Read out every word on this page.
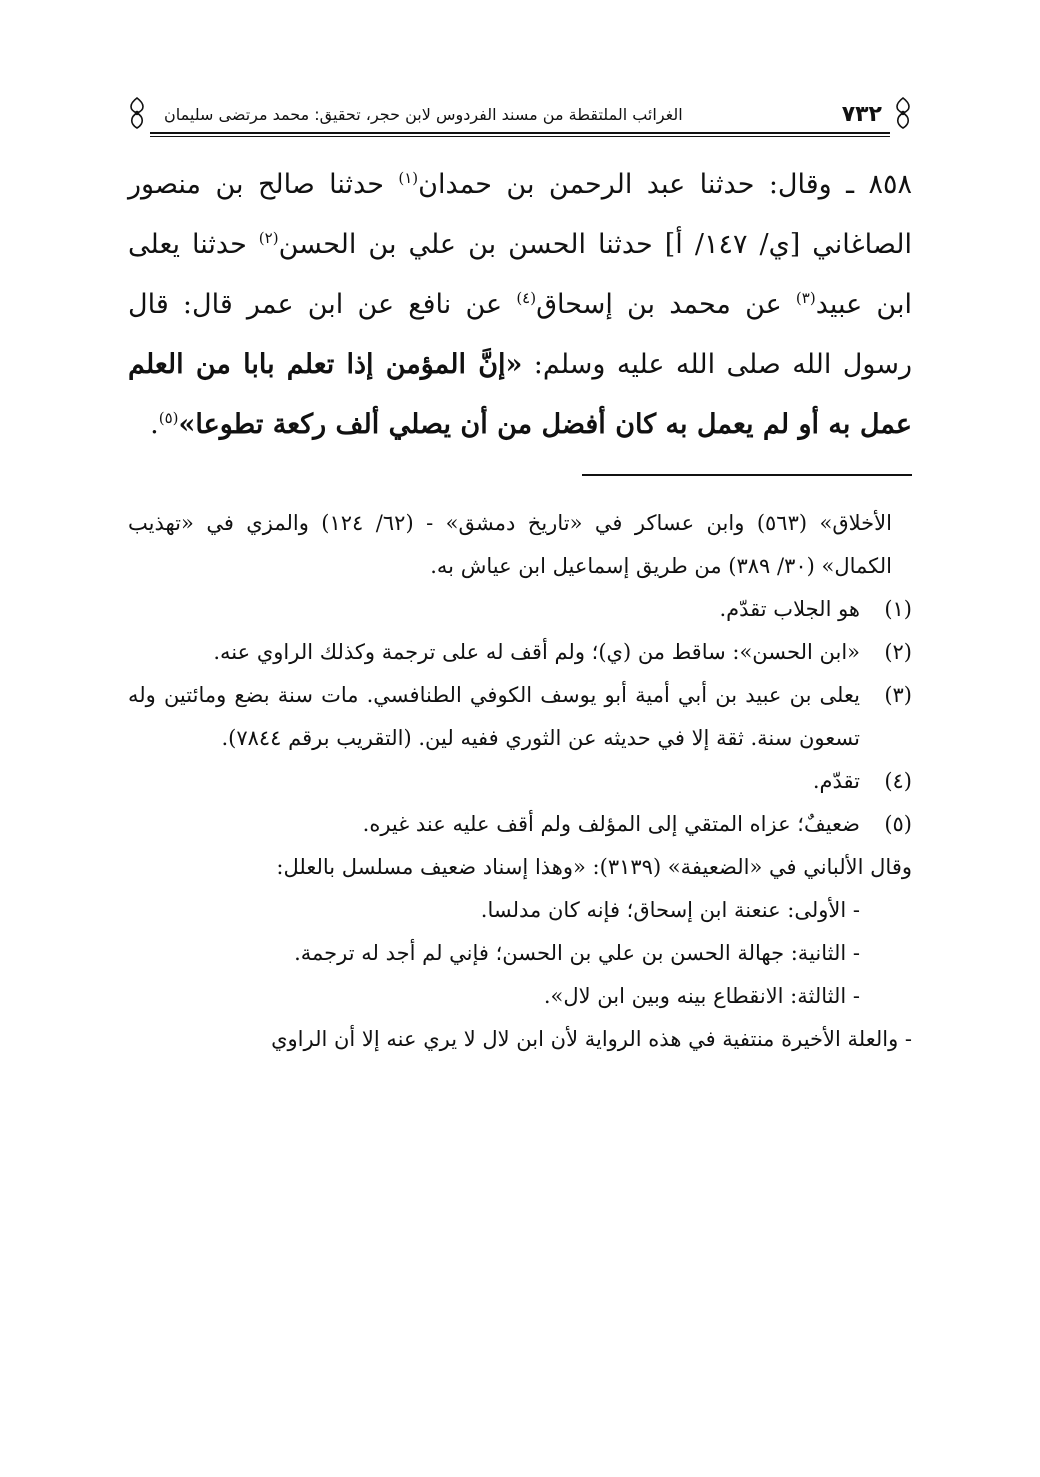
٧٣٢
الغرائب الملتقطة من مسند الفردوس لابن حجر، تحقيق: محمد مرتضى سليمان

٨٥٨ ـ وقال: حدثنا عبد الرحمن بن حمدان$^{(١)}$ حدثنا صالح بن منصور الصاغاني [ي/ ١٤٧/ أ] حدثنا الحسن بن علي بن الحسن$^{(٢)}$ حدثنا يعلى ابن عبيد$^{(٣)}$ عن محمد بن إسحاق$^{(٤)}$ عن نافع عن ابن عمر قال: قال رسول الله صلى الله عليه وسلم: «إنَّ المؤمن إذا تعلم بابا من العلم عمل به أو لم يعمل به كان أفضل من أن يصلي ألف ركعة تطوعا»$^{(٥)}$.

الأخلاق» (٥٦٣) وابن عساكر في «تاريخ دمشق» - (٦٢/ ١٢٤) والمزي في «تهذيب الكمال» (٣٠/ ٣٨٩) من طريق إسماعيل ابن عياش به.

(١)
هو الجلاب تقدّم.
(٢)
«ابن الحسن»: ساقط من (ي)؛ ولم أقف له على ترجمة وكذلك الراوي عنه.
(٣)
يعلى بن عبيد بن أبي أمية أبو يوسف الكوفي الطنافسي. مات سنة بضع ومائتين وله تسعون سنة. ثقة إلا في حديثه عن الثوري ففيه لين. (التقريب برقم ٧٨٤٤).
(٤)
تقدّم.
(٥)
ضعيفٌ؛ عزاه المتقي إلى المؤلف ولم أقف عليه عند غيره.

وقال الألباني في «الضعيفة» (٣١٣٩): «وهذا إسناد ضعيف مسلسل بالعلل:

- الأولى: عنعنة ابن إسحاق؛ فإنه كان مدلسا.

- الثانية: جهالة الحسن بن علي بن الحسن؛ فإني لم أجد له ترجمة.

- الثالثة: الانقطاع بينه وبين ابن لال».

- والعلة الأخيرة منتفية في هذه الرواية لأن ابن لال لا يري عنه إلا أن الراوي
